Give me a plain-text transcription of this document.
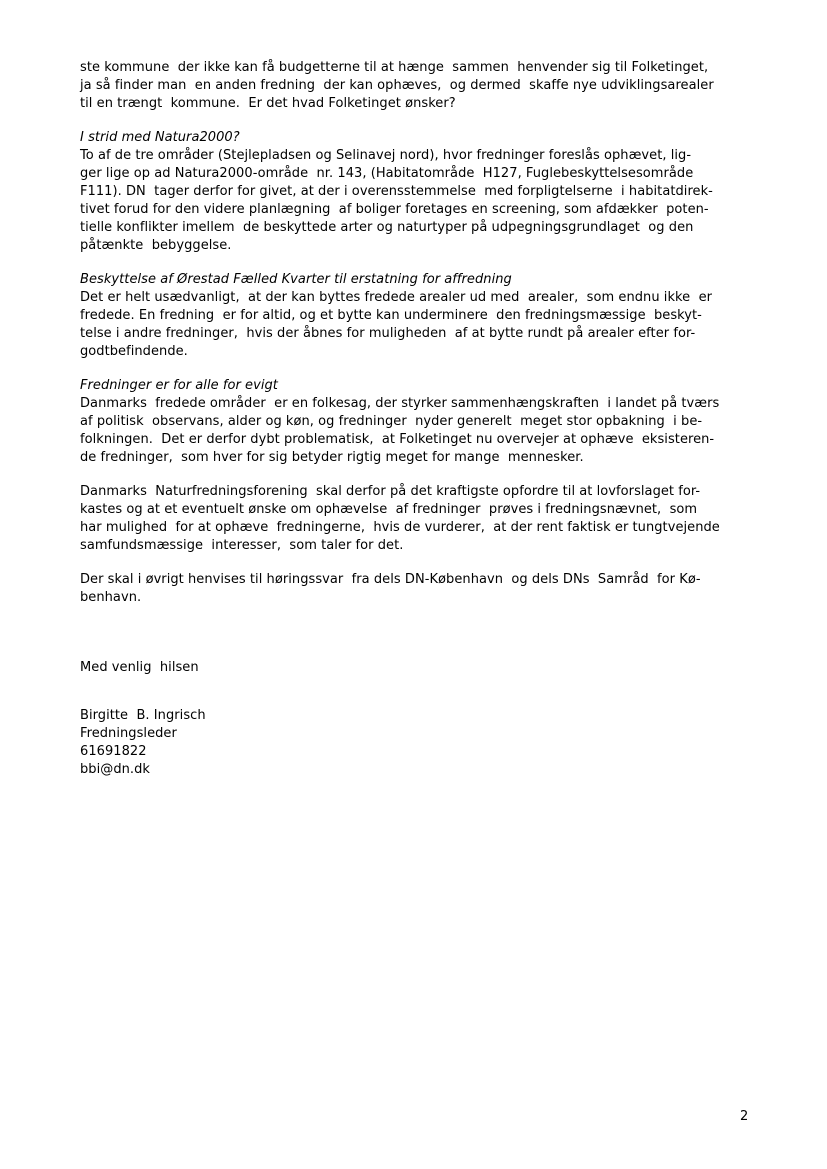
ste kommune  der ikke kan få budgetterne til at hænge  sammen  henvender sig til Folketinget,
ja så finder man  en anden fredning  der kan ophæves,  og dermed  skaffe nye udviklingsarealer
til en trængt  kommune.  Er det hvad Folketinget ønsker?
I strid med Natura2000?
To af de tre områder (Stejlepladsen og Selinavej nord), hvor fredninger foreslås ophævet, lig-
ger lige op ad Natura2000-område  nr. 143, (Habitatområde  H127, Fuglebeskyttelsesområde
F111). DN  tager derfor for givet, at der i overensstemmelse  med forpligtelserne  i habitatdirek-
tivet forud for den videre planlægning  af boliger foretages en screening, som afdækker  poten-
tielle konflikter imellem  de beskyttede arter og naturtyper på udpegningsgrundlaget  og den
påtænkte  bebyggelse.
Beskyttelse af Ørestad Fælled Kvarter til erstatning for affredning
Det er helt usædvanligt,  at der kan byttes fredede arealer ud med  arealer,  som endnu ikke  er
fredede. En fredning  er for altid, og et bytte kan underminere  den fredningsmæssige  beskyt-
telse i andre fredninger,  hvis der åbnes for muligheden  af at bytte rundt på arealer efter for-
godtbefindende.
Fredninger er for alle for evigt
Danmarks  fredede områder  er en folkesag, der styrker sammenhængskraften  i landet på tværs
af politisk  observans, alder og køn, og fredninger  nyder generelt  meget stor opbakning  i be-
folkningen.  Det er derfor dybt problematisk,  at Folketinget nu overvejer at ophæve  eksisteren-
de fredninger,  som hver for sig betyder rigtig meget for mange  mennesker.
Danmarks  Naturfredningsforening  skal derfor på det kraftigste opfordre til at lovforslaget for-
kastes og at et eventuelt ønske om ophævelse  af fredninger  prøves i fredningsnævnet,  som
har mulighed  for at ophæve  fredningerne,  hvis de vurderer,  at der rent faktisk er tungtvejende
samfundsmæssige  interesser,  som taler for det.
Der skal i øvrigt henvises til høringssvar  fra dels DN-København  og dels DNs  Samråd  for Kø-
benhavn.
Med venlig  hilsen
Birgitte  B. Ingrisch
Fredningsleder
61691822
bbi@dn.dk
2
